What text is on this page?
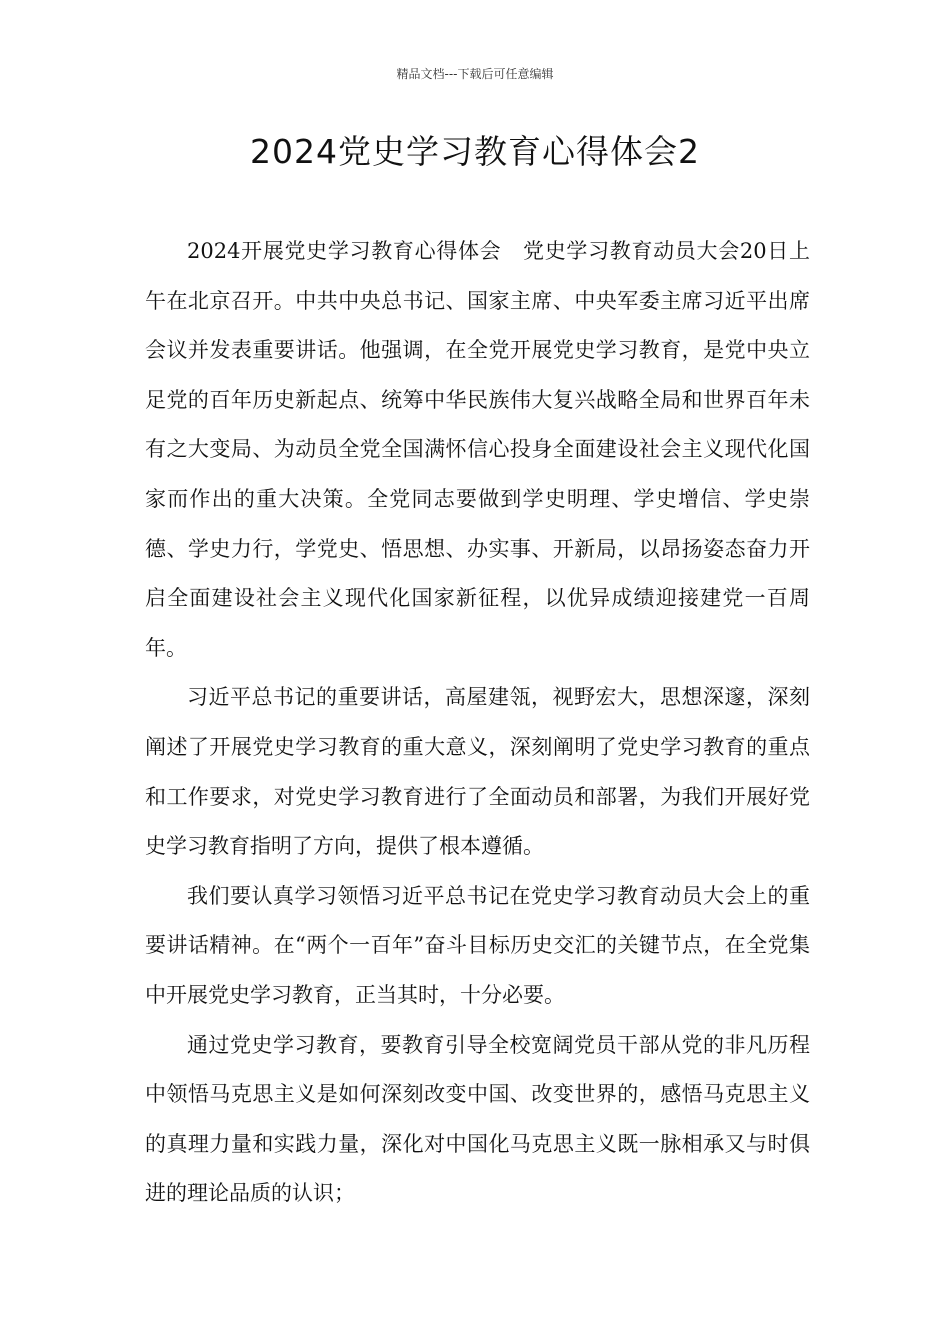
精品文档---下载后可任意编辑
2024党史学习教育心得体会2

2024开展党史学习教育心得体会　党史学习教育动员大会20日上午在北京召开。中共中央总书记、国家主席、中央军委主席习近平出席会议并发表重要讲话。他强调，在全党开展党史学习教育，是党中央立足党的百年历史新起点、统筹中华民族伟大复兴战略全局和世界百年未有之大变局、为动员全党全国满怀信心投身全面建设社会主义现代化国家而作出的重大决策。全党同志要做到学史明理、学史增信、学史崇德、学史力行，学党史、悟思想、办实事、开新局，以昂扬姿态奋力开启全面建设社会主义现代化国家新征程，以优异成绩迎接建党一百周年。

习近平总书记的重要讲话，高屋建瓴，视野宏大，思想深邃，深刻阐述了开展党史学习教育的重大意义，深刻阐明了党史学习教育的重点和工作要求，对党史学习教育进行了全面动员和部署，为我们开展好党史学习教育指明了方向，提供了根本遵循。

我们要认真学习领悟习近平总书记在党史学习教育动员大会上的重要讲话精神。在“两个一百年”奋斗目标历史交汇的关键节点，在全党集中开展党史学习教育，正当其时，十分必要。

通过党史学习教育，要教育引导全校宽阔党员干部从党的非凡历程中领悟马克思主义是如何深刻改变中国、改变世界的，感悟马克思主义的真理力量和实践力量，深化对中国化马克思主义既一脉相承又与时俱进的理论品质的认识；
